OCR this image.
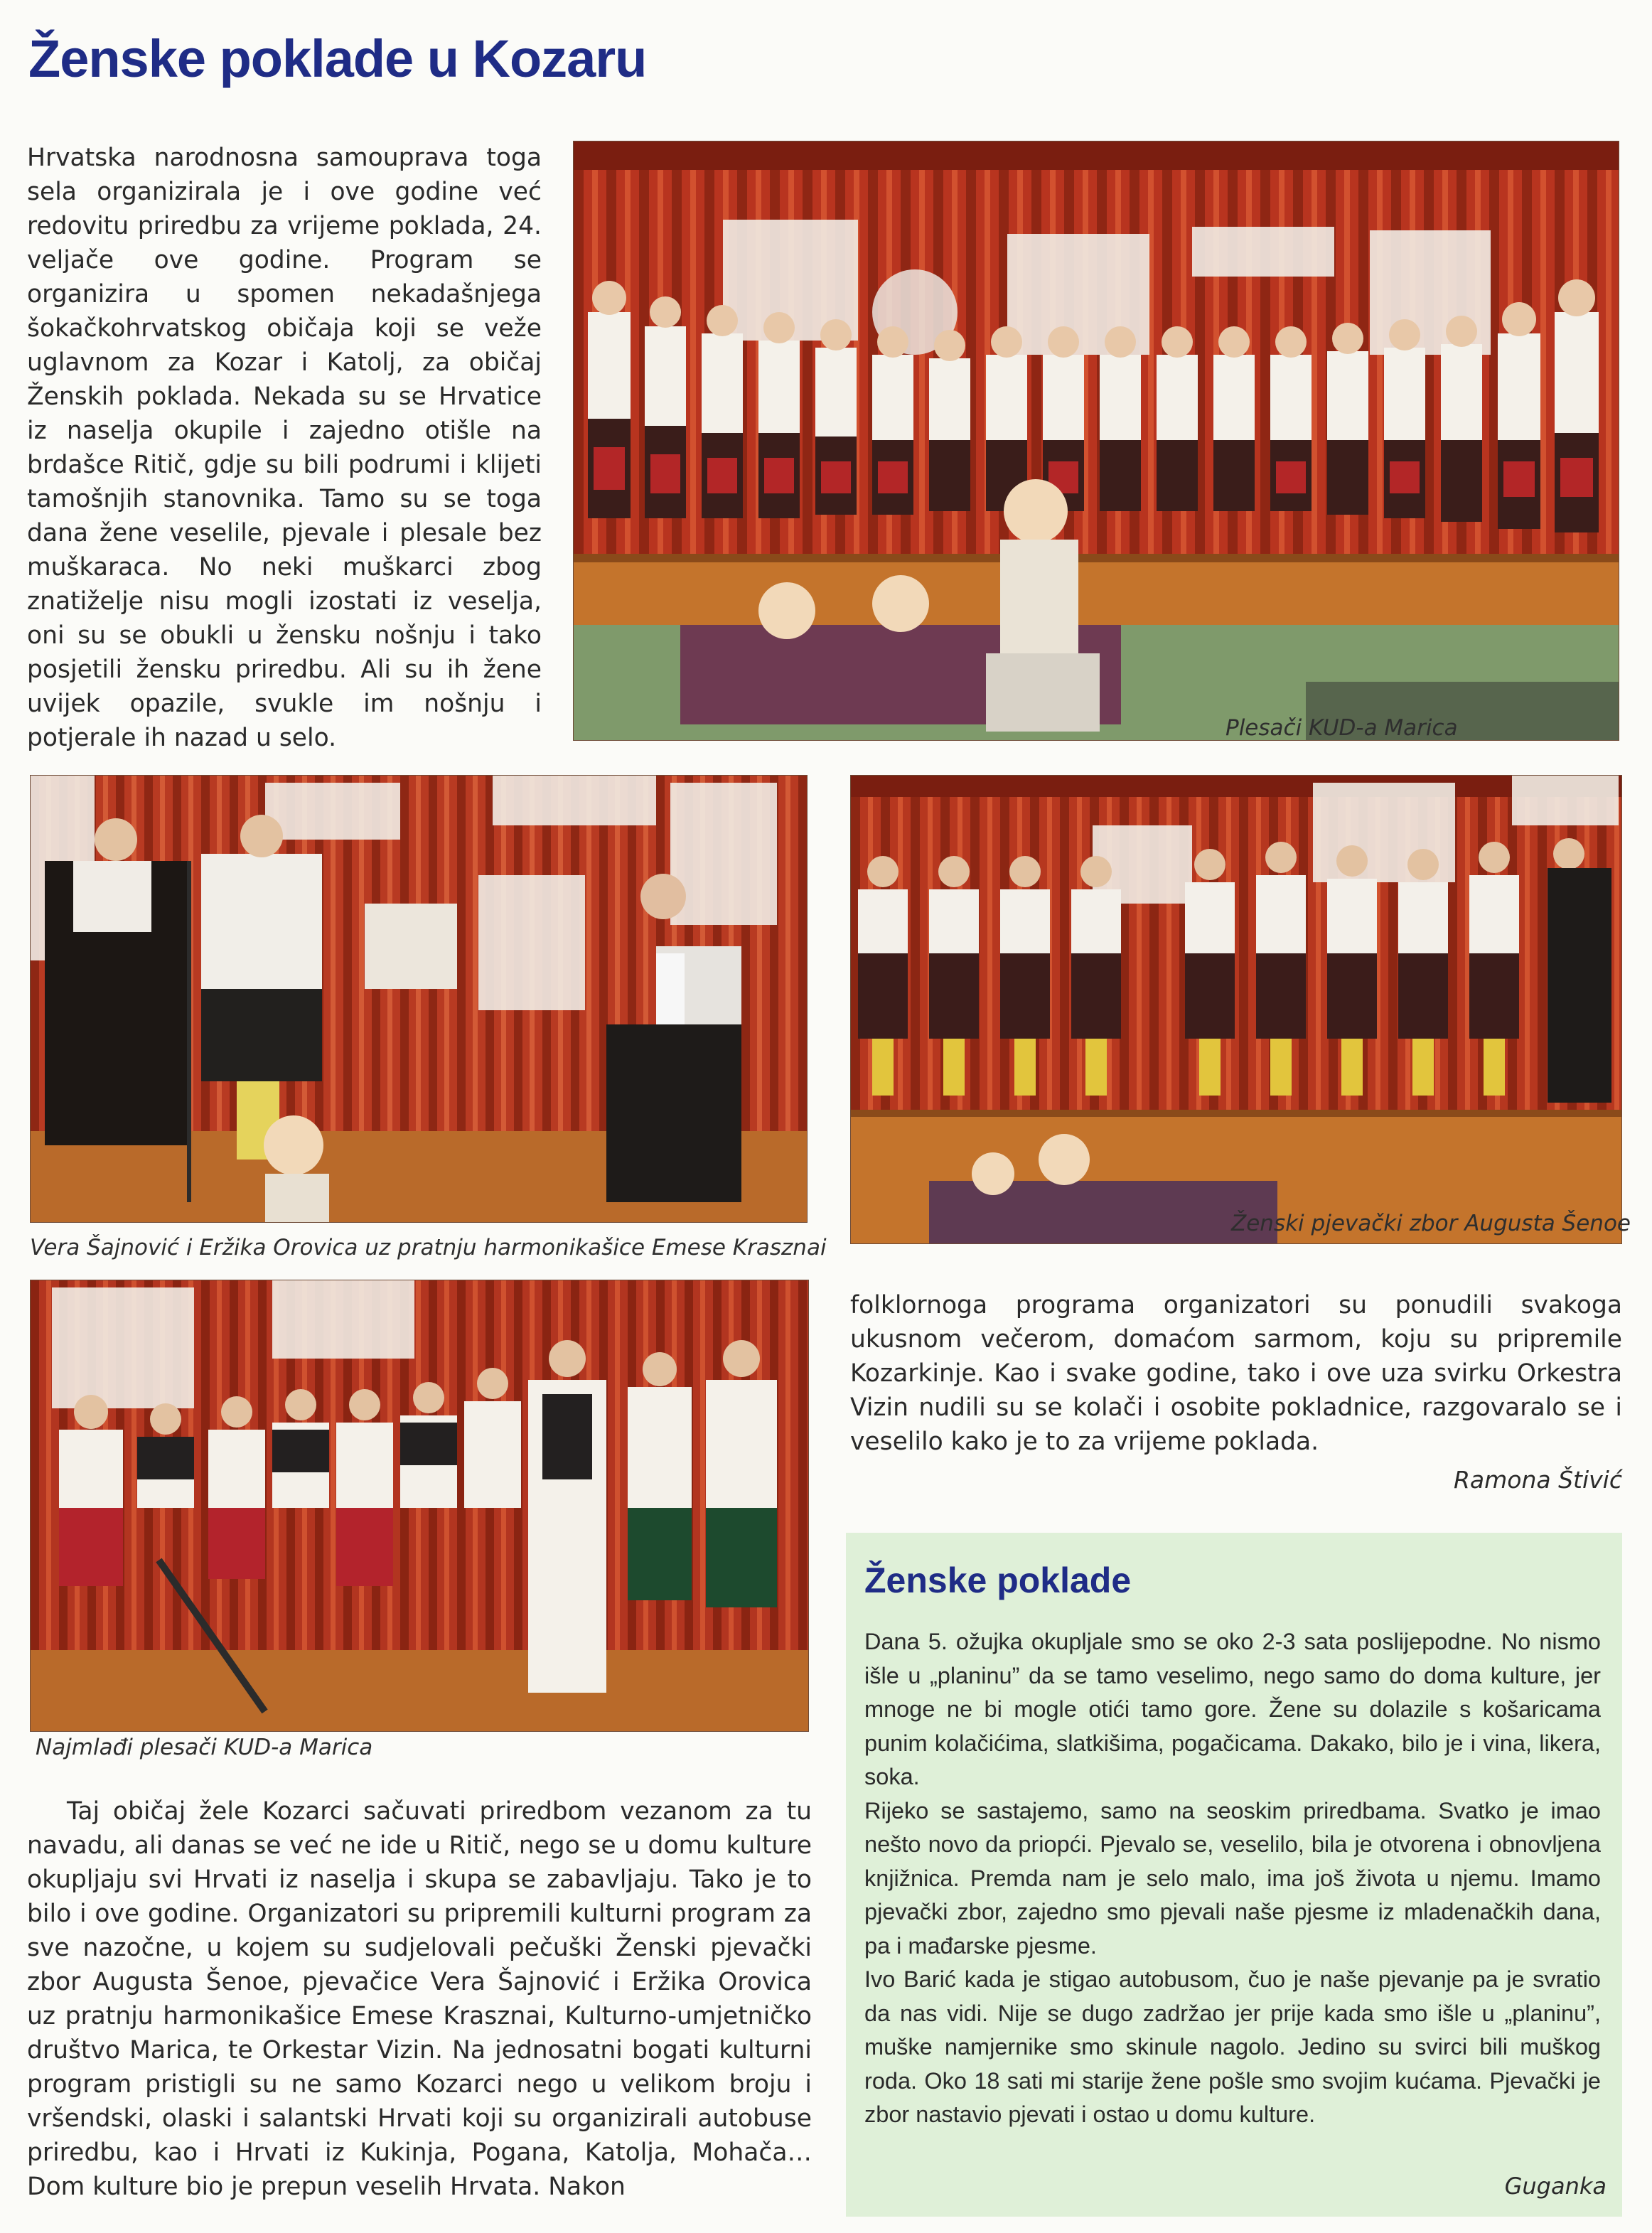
Ženske poklade u Kozaru

Hrvatska narodnosna samouprava toga sela organizirala je i ove godine već redovitu priredbu za vrijeme poklada, 24. veljače ove godine. Program se organizira u spomen nekadašnjega šokačkohrvatskog običaja koji se veže uglavnom za Kozar i Katolj, za običaj Ženskih poklada. Nekada su se Hrvatice iz naselja okupile i zajedno otišle na brdašce Ritič, gdje su bili podrumi i klijeti tamošnjih stanovnika. Tamo su se toga dana žene veselile, pjevale i plesale bez muškaraca. No neki muškarci zbog znatiželje nisu mogli izostati iz veselja, oni su se obukli u žensku nošnju i tako posjetili žensku priredbu. Ali su ih žene uvijek opazile, svukle im nošnju i potjerale ih nazad u selo.	Plesači KUD-a Marica

Vera Šajnović i Eržika Orovica uz pratnju harmonikašice Emese Krasznai

Ženski pjevački zbor Augusta Šenoe

Najmlađi plesači KUD-a Marica

Taj običaj žele Kozarci sačuvati priredbom vezanom za tu navadu, ali danas se već ne ide u Ritič, nego se u domu kulture okupljaju svi Hrvati iz naselja i skupa se zabavljaju. Tako je to bilo i ove godine. Organizatori su pripremili kulturni program za sve nazočne, u kojem su sudjelovali pečuški Ženski pjevački zbor Augusta Šenoe, pjevačice Vera Šajnović i Eržika Orovica uz pratnju harmonikašice Emese Krasznai, Kulturno-umjetničko društvo Marica, te Orkestar Vizin. Na jednosatni bogati kulturni program pristigli su ne samo Kozarci nego u velikom broju i vršendski, olaski i salantski Hrvati koji su organizirali autobuse priredbu, kao i Hrvati iz Kukinja, Pogana, Katolja, Mohača… Dom kulture bio je prepun veselih Hrvata. Nakon

folklornoga programa organizatori su ponudili svakoga ukusnom večerom, domaćom sarmom, koju su pripremile Kozarkinje. Kao i svake godine, tako i ove uza svirku Orkestra Vizin nudili su se kolači i osobite pokladnice, razgovaralo se i veselilo kako je to za vrijeme poklada.

Ramona Štivić

Ženske poklade

Dana 5. ožujka okupljale smo se oko 2-3 sata poslijepodne. No nismo išle u „planinu” da se tamo veselimo, nego samo do doma kulture, jer mnoge ne bi mogle otići tamo gore. Žene su dolazile s košaricama punim kolačićima, slatkišima, pogačicama. Dakako, bilo je i vina, likera, soka.

Rijeko se sastajemo, samo na seoskim priredbama. Svatko je imao nešto novo da priopći. Pjevalo se, veselilo, bila je otvorena i obnovljena knjižnica. Premda nam je selo malo, ima još života u njemu. Imamo pjevački zbor, zajedno smo pjevali naše pjesme iz mladenačkih dana, pa i mađarske pjesme.

Ivo Barić kada je stigao autobusom, čuo je naše pjevanje pa je svratio da nas vidi. Nije se dugo zadržao jer prije kada smo išle u „planinu”, muške namjernike smo skinule nagolo. Jedino su svirci bili muškog roda. Oko 18 sati mi starije žene pošle smo svojim kućama. Pjevački je zbor nastavio pjevati i ostao u domu kulture.

Guganka
